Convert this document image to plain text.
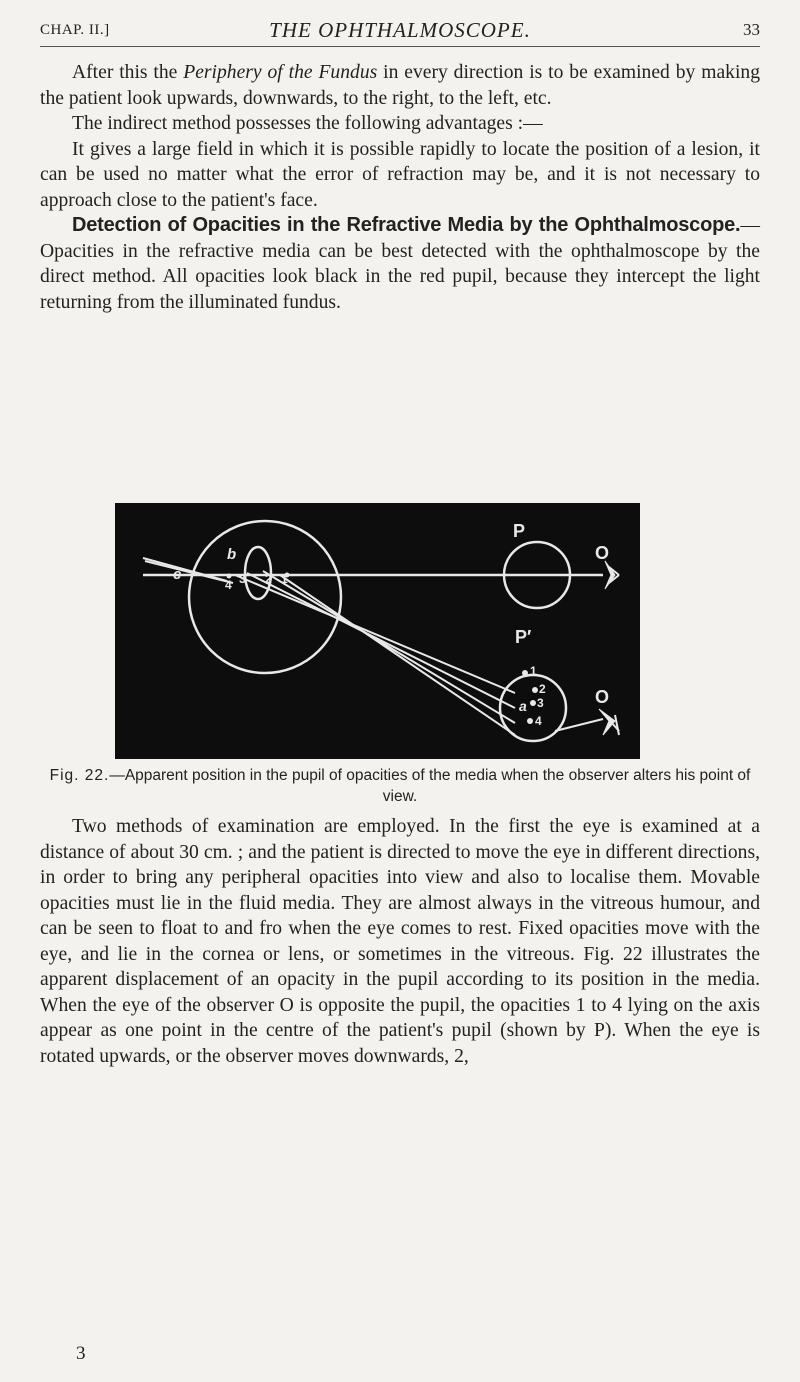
CHAP. II.]	THE OPHTHALMOSCOPE.	33

After this the Periphery of the Fundus in every direction is to be examined by making the patient look upwards, downwards, to the right, to the left, etc.

The indirect method possesses the following advantages :—

It gives a large field in which it is possible rapidly to locate the position of a lesion, it can be used no matter what the error of refraction may be, and it is not necessary to approach close to the patient's face.

Detection of Opacities in the Refractive Media by the Ophthalmoscope.—Opacities in the refractive media can be best detected with the ophthalmoscope by the direct method. All opacities look black in the red pupil, because they intercept the light returning from the illuminated fundus.

c
b
4 3 2 1
P
P′
O
O
1
2
a 3
4
Fig. 22.—Apparent position in the pupil of opacities of the media when the observer alters his point of view.

Two methods of examination are employed. In the first the eye is examined at a distance of about 30 cm. ; and the patient is directed to move the eye in different directions, in order to bring any peripheral opacities into view and also to localise them. Movable opacities must lie in the fluid media. They are almost always in the vitreous humour, and can be seen to float to and fro when the eye comes to rest. Fixed opacities move with the eye, and lie in the cornea or lens, or sometimes in the vitreous. Fig. 22 illustrates the apparent displacement of an opacity in the pupil according to its position in the media. When the eye of the observer O is opposite the pupil, the opacities 1 to 4 lying on the axis appear as one point in the centre of the patient's pupil (shown by P). When the eye is rotated upwards, or the observer moves downwards, 2,

3
